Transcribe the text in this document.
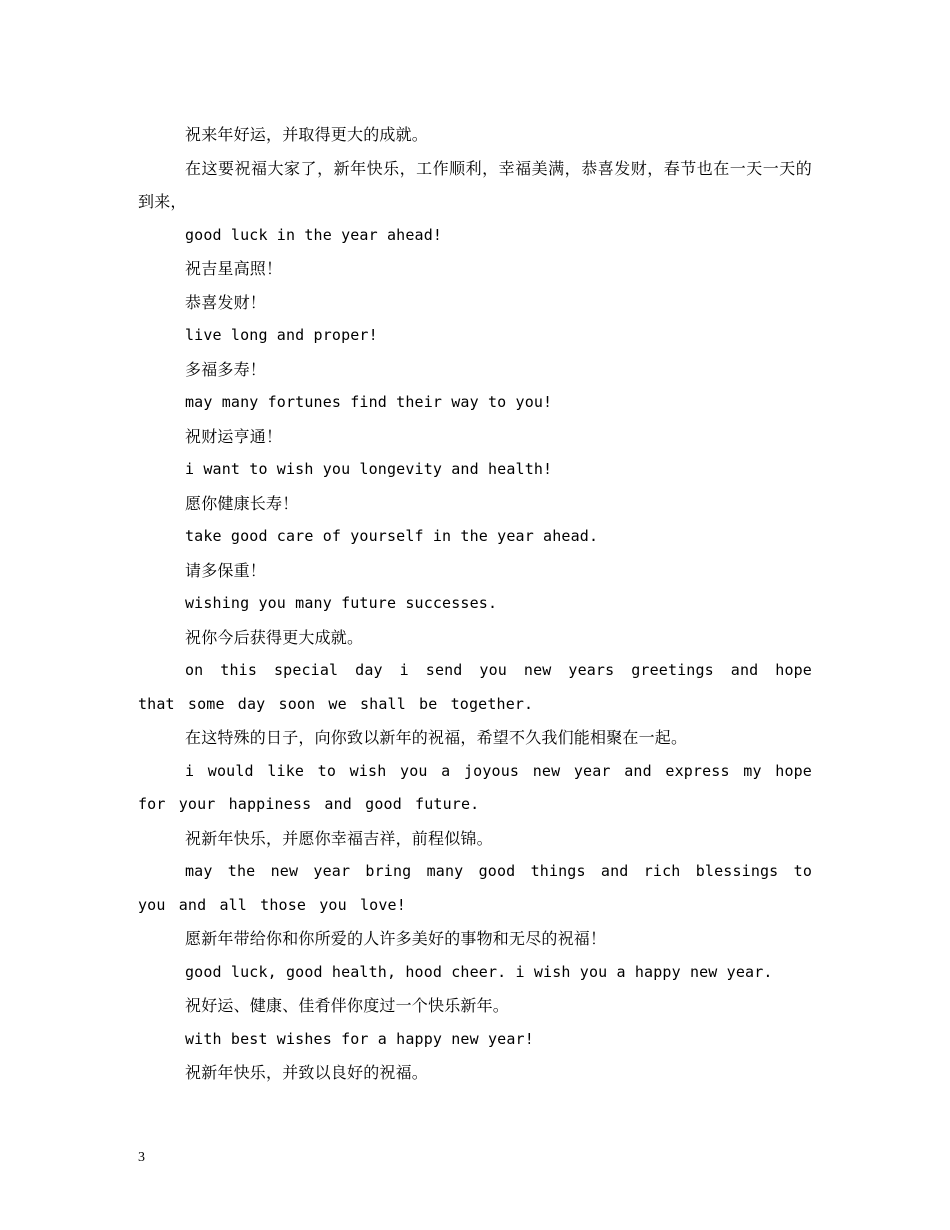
祝来年好运，并取得更大的成就。

在这要祝福大家了，新年快乐，工作顺利，幸福美满，恭喜发财，春节也在一天一天的到来，

good luck in the year ahead!

祝吉星高照！

恭喜发财！

live long and proper!

多福多寿！

may many fortunes find their way to you!

祝财运亨通！

i want to wish you longevity and health!

愿你健康长寿！

take good care of yourself in the year ahead.

请多保重！

wishing you many future successes.

祝你今后获得更大成就。

on this special day i send you new years greetings and hope that some day soon we shall be together.

在这特殊的日子，向你致以新年的祝福，希望不久我们能相聚在一起。

i would like to wish you a joyous new year and express my hope for your happiness and good future.

祝新年快乐，并愿你幸福吉祥，前程似锦。

may the new year bring many good things and rich blessings to you and all those you love!

愿新年带给你和你所爱的人许多美好的事物和无尽的祝福！

good luck, good health, hood cheer. i wish you a happy new year.

祝好运、健康、佳肴伴你度过一个快乐新年。

with best wishes for a happy new year!

祝新年快乐，并致以良好的祝福。

3
